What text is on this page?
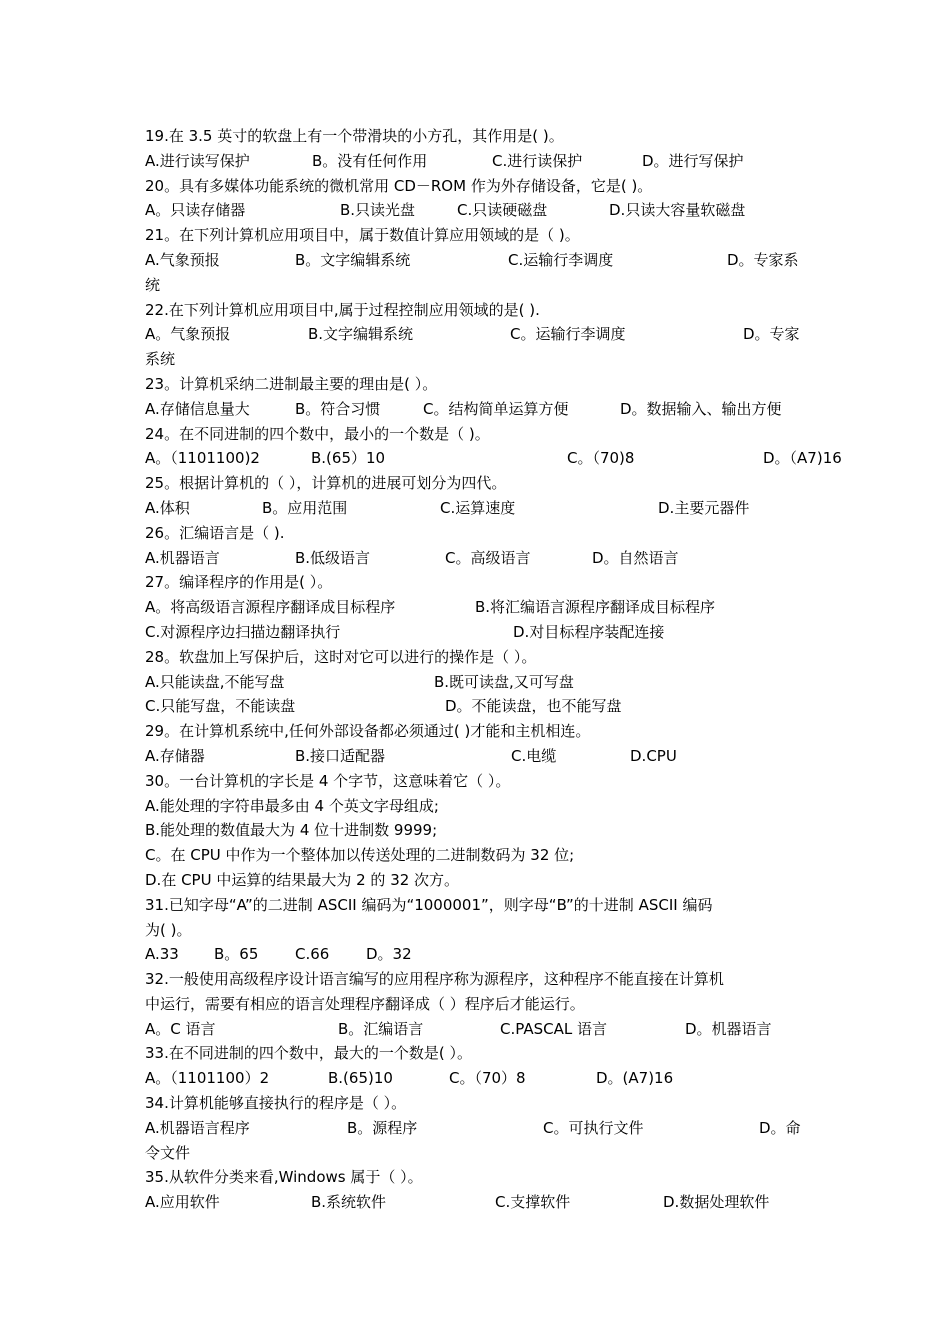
19.在 3.5 英寸的软盘上有一个带滑块的小方孔，其作用是( )。
A.进行读写保护	B。没有任何作用	C.进行读保护	D。进行写保护
20。具有多媒体功能系统的微机常用 CD－ROM 作为外存储设备，它是( )。
A。只读存储器	B.只读光盘	C.只读硬磁盘	D.只读大容量软磁盘
21。在下列计算机应用项目中，属于数值计算应用领域的是（ )。
A.气象预报	B。文字编辑系统	C.运输行李调度	D。专家系
统
22.在下列计算机应用项目中,属于过程控制应用领域的是( ).
A。气象预报	B.文字编辑系统	C。运输行李调度	D。专家
系统
23。计算机采纳二进制最主要的理由是( ）。
A.存储信息量大	B。符合习惯	C。结构简单运算方便	D。数据输入、输出方便
24。在不同进制的四个数中，最小的一个数是（ )。
A。（1101100)2	B.(65）10	C。（70)8	D。（A7)16
25。根据计算机的（ ），计算机的进展可划分为四代。
A.体积	B。应用范围	C.运算速度	D.主要元器件
26。汇编语言是（ ).
A.机器语言	B.低级语言	C。高级语言	D。自然语言
27。编译程序的作用是( ）。
A。将高级语言源程序翻译成目标程序	B.将汇编语言源程序翻译成目标程序
C.对源程序边扫描边翻译执行	D.对目标程序装配连接
28。软盘加上写保护后，这时对它可以进行的操作是（ ）。
A.只能读盘,不能写盘	B.既可读盘,又可写盘
C.只能写盘，不能读盘	D。不能读盘，也不能写盘
29。在计算机系统中,任何外部设备都必须通过( )才能和主机相连。
A.存储器	B.接口适配器	C.电缆	D.CPU
30。一台计算机的字长是 4 个字节，这意味着它（ ）。
A.能处理的字符串最多由 4 个英文字母组成;
B.能处理的数值最大为 4 位十进制数 9999;
C。在 CPU 中作为一个整体加以传送处理的二进制数码为 32 位;
D.在 CPU 中运算的结果最大为 2 的 32 次方。
31.已知字母“A”的二进制 ASCII 编码为“1000001”，则字母“B”的十进制 ASCII 编码
为( )。
A.33 B。65 C.66 D。32
32.一般使用高级程序设计语言编写的应用程序称为源程序，这种程序不能直接在计算机
中运行，需要有相应的语言处理程序翻译成（ ）程序后才能运行。
A。C 语言	B。汇编语言	C.PASCAL 语言	D。机器语言
33.在不同进制的四个数中，最大的一个数是( ）。
A。（1101100）2	B.(65)10	C。（70）8	D。(A7)16
34.计算机能够直接执行的程序是（ ）。
A.机器语言程序	B。源程序	C。可执行文件	D。命
令文件
35.从软件分类来看,Windows 属于（ ）。
A.应用软件	B.系统软件	C.支撑软件	D.数据处理软件
